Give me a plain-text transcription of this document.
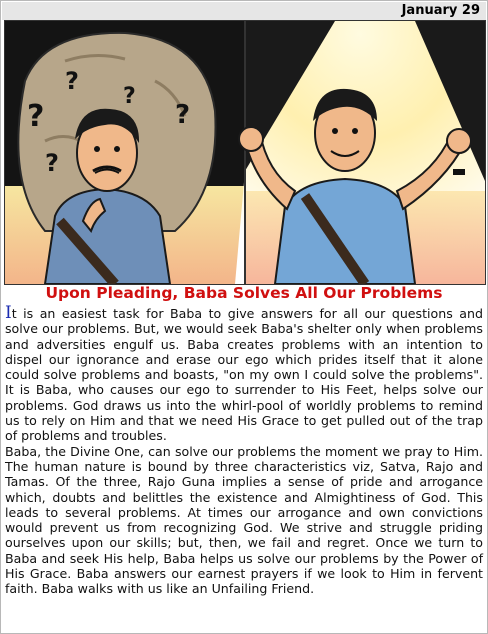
January 29
?
?
?
?
?
Upon Pleading, Baba Solves All Our Problems

It is an easiest task for Baba to give answers for all our questions and solve our problems. But, we would seek Baba's shelter only when problems and adversities engulf us. Baba creates problems with an intention to dispel our ignorance and erase our ego which prides itself that it alone could solve problems and boasts, "on my own I could solve the problems". It is Baba, who causes our ego to surrender to His Feet, helps solve our problems. God draws us into the whirl-pool of worldly problems to remind us to rely on Him and that we need His Grace to get pulled out of the trap of problems and troubles.

Baba, the Divine One, can solve our problems the moment we pray to Him. The human nature is bound by three characteristics viz, Satva, Rajo and Tamas. Of the three, Rajo Guna implies a sense of pride and arrogance which, doubts and belittles the existence and Almightiness of God. This leads to several problems. At times our arrogance and own convictions would prevent us from recognizing God. We strive and struggle priding ourselves upon our skills; but, then, we fail and regret. Once we turn to Baba and seek His help, Baba helps us solve our problems by the Power of His Grace. Baba answers our earnest prayers if we look to Him in fervent faith. Baba walks with us like an Unfailing Friend.
